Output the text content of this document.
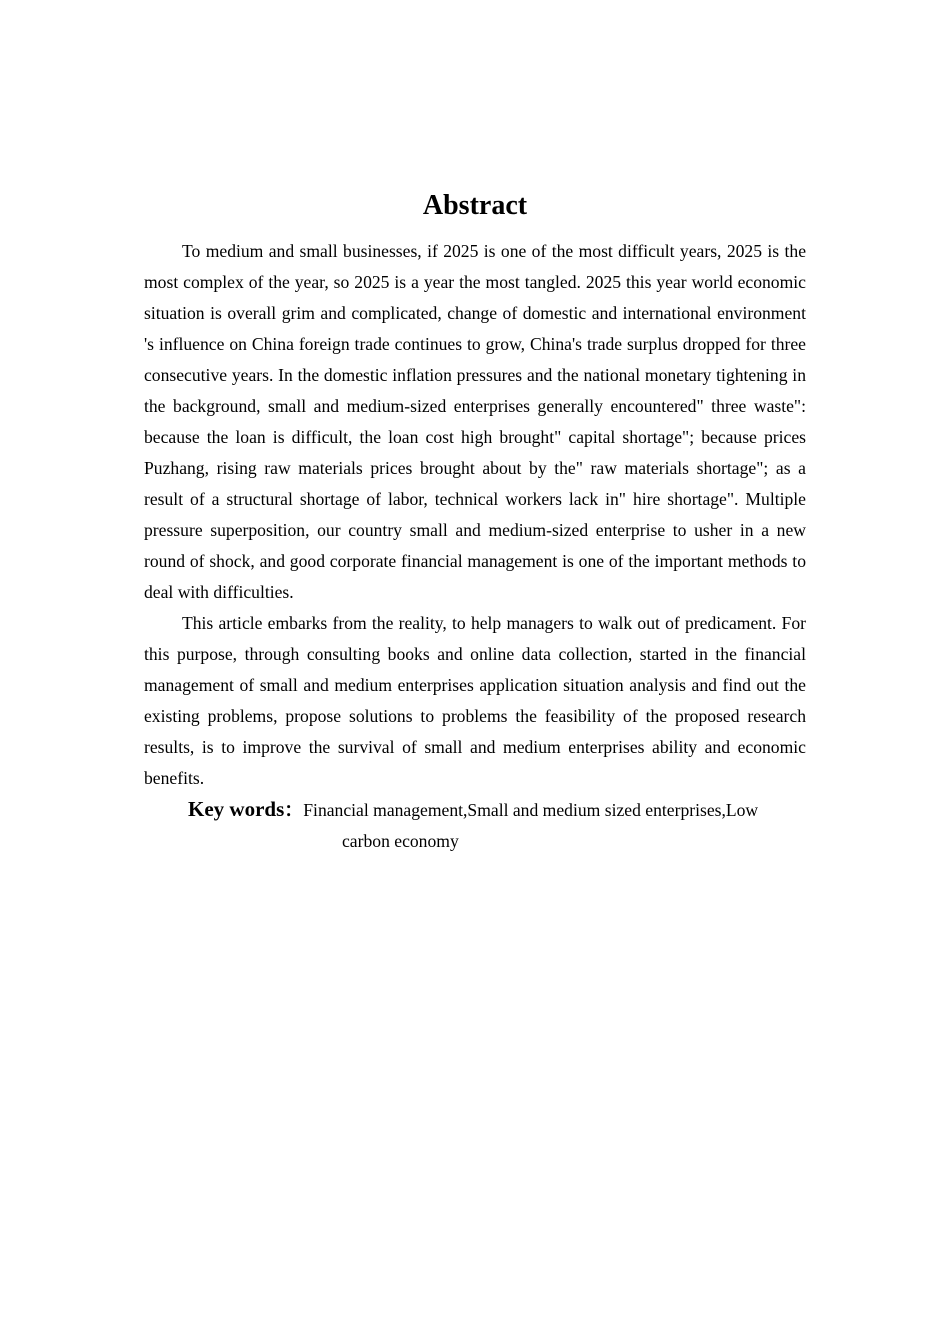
Abstract

To medium and small businesses, if 2025 is one of the most difficult years, 2025 is the most complex of the year, so 2025 is a year the most tangled. 2025 this year world economic situation is overall grim and complicated, change of domestic and international environment 's influence on China foreign trade continues to grow, China's trade surplus dropped for three consecutive years. In the domestic inflation pressures and the national monetary tightening in the background, small and medium-sized enterprises generally encountered" three waste": because the loan is difficult, the loan cost high brought" capital shortage"; because prices Puzhang, rising raw materials prices brought about by the" raw materials shortage"; as a result of a structural shortage of labor, technical workers lack in" hire shortage". Multiple pressure superposition, our country small and medium-sized enterprise to usher in a new round of shock, and good corporate financial management is one of the important methods to deal with difficulties.

This article embarks from the reality, to help managers to walk out of predicament. For this purpose, through consulting books and online data collection, started in the financial management of small and medium enterprises application situation analysis and find out the existing problems, propose solutions to problems the feasibility of the proposed research results, is to improve the survival of small and medium enterprises ability and economic benefits.

Key words：Financial management,Small and medium sized enterprises,Low
carbon economy
